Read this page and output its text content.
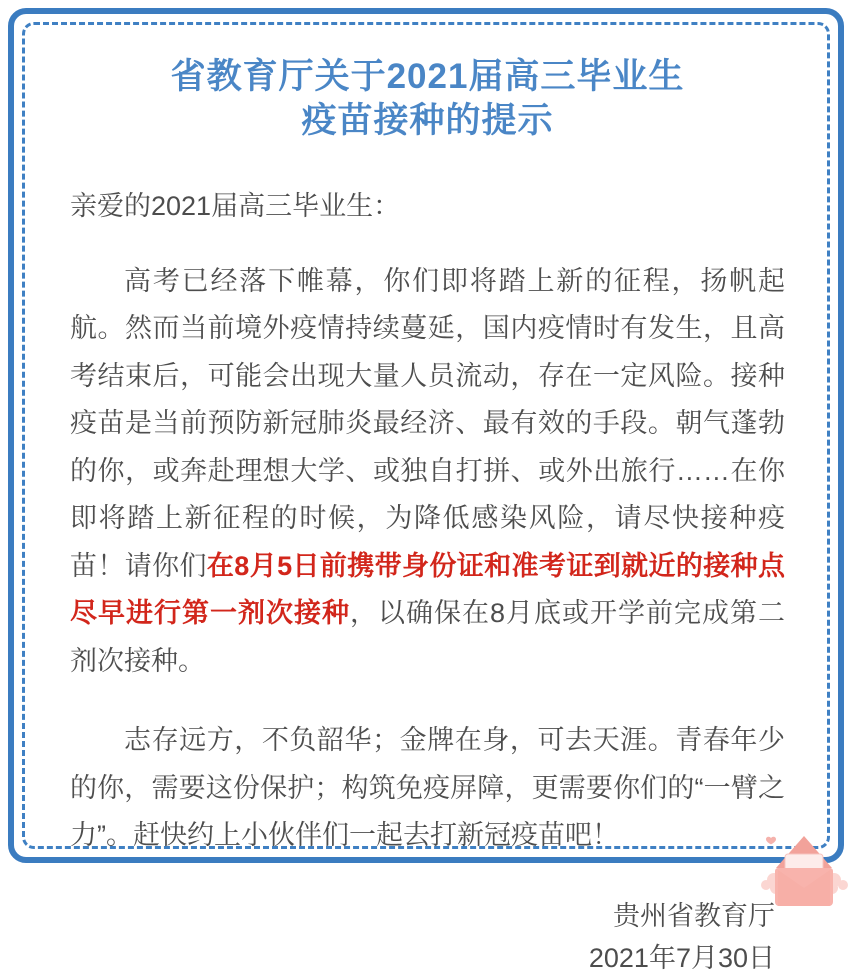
省教育厅关于2021届高三毕业生
疫苗接种的提示

亲爱的2021届高三毕业生：

高考已经落下帷幕，你们即将踏上新的征程，扬帆起航。然而当前境外疫情持续蔓延，国内疫情时有发生，且高考结束后，可能会出现大量人员流动，存在一定风险。接种疫苗是当前预防新冠肺炎最经济、最有效的手段。朝气蓬勃的你，或奔赴理想大学、或独自打拼、或外出旅行……在你即将踏上新征程的时候，为降低感染风险，请尽快接种疫苗！请你们在8月5日前携带身份证和准考证到就近的接种点尽早进行第一剂次接种，以确保在8月底或开学前完成第二剂次接种。

志存远方，不负韶华；金牌在身，可去天涯。青春年少的你，需要这份保护；构筑免疫屏障，更需要你们的“一臂之力”。赶快约上小伙伴们一起去打新冠疫苗吧！

贵州省教育厅
2021年7月30日
